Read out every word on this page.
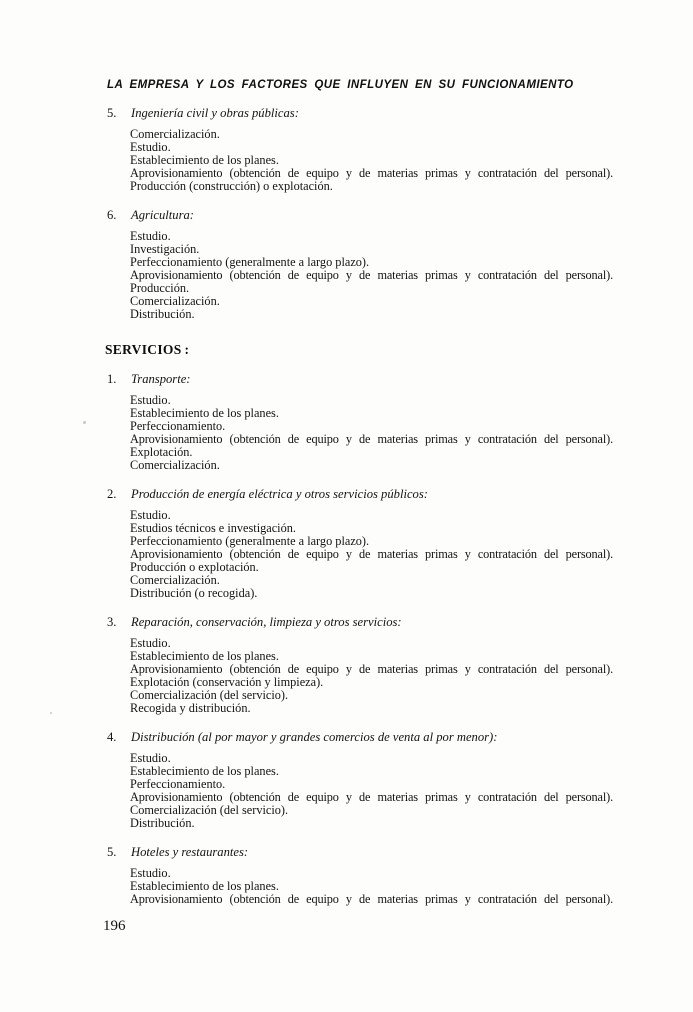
LA EMPRESA Y LOS FACTORES QUE INFLUYEN EN SU FUNCIONAMIENTO
5. Ingeniería civil y obras públicas:
Comercialización.
Estudio.
Establecimiento de los planes.
Aprovisionamiento (obtención de equipo y de materias primas y contratación del personal).
Producción (construcción) o explotación.
6. Agricultura:
Estudio.
Investigación.
Perfeccionamiento (generalmente a largo plazo).
Aprovisionamiento (obtención de equipo y de materias primas y contratación del personal).
Producción.
Comercialización.
Distribución.
SERVICIOS :
1. Transporte:
Estudio.
Establecimiento de los planes.
Perfeccionamiento.
Aprovisionamiento (obtención de equipo y de materias primas y contratación del personal).
Explotación.
Comercialización.
2. Producción de energía eléctrica y otros servicios públicos:
Estudio.
Estudios técnicos e investigación.
Perfeccionamiento (generalmente a largo plazo).
Aprovisionamiento (obtención de equipo y de materias primas y contratación del personal).
Producción o explotación.
Comercialización.
Distribución (o recogida).
3. Reparación, conservación, limpieza y otros servicios:
Estudio.
Establecimiento de los planes.
Aprovisionamiento (obtención de equipo y de materias primas y contratación del personal).
Explotación (conservación y limpieza).
Comercialización (del servicio).
Recogida y distribución.
4. Distribución (al por mayor y grandes comercios de venta al por menor):
Estudio.
Establecimiento de los planes.
Perfeccionamiento.
Aprovisionamiento (obtención de equipo y de materias primas y contratación del personal).
Comercialización (del servicio).
Distribución.
5. Hoteles y restaurantes:
Estudio.
Establecimiento de los planes.
Aprovisionamiento (obtención de equipo y de materias primas y contratación del personal).
196
